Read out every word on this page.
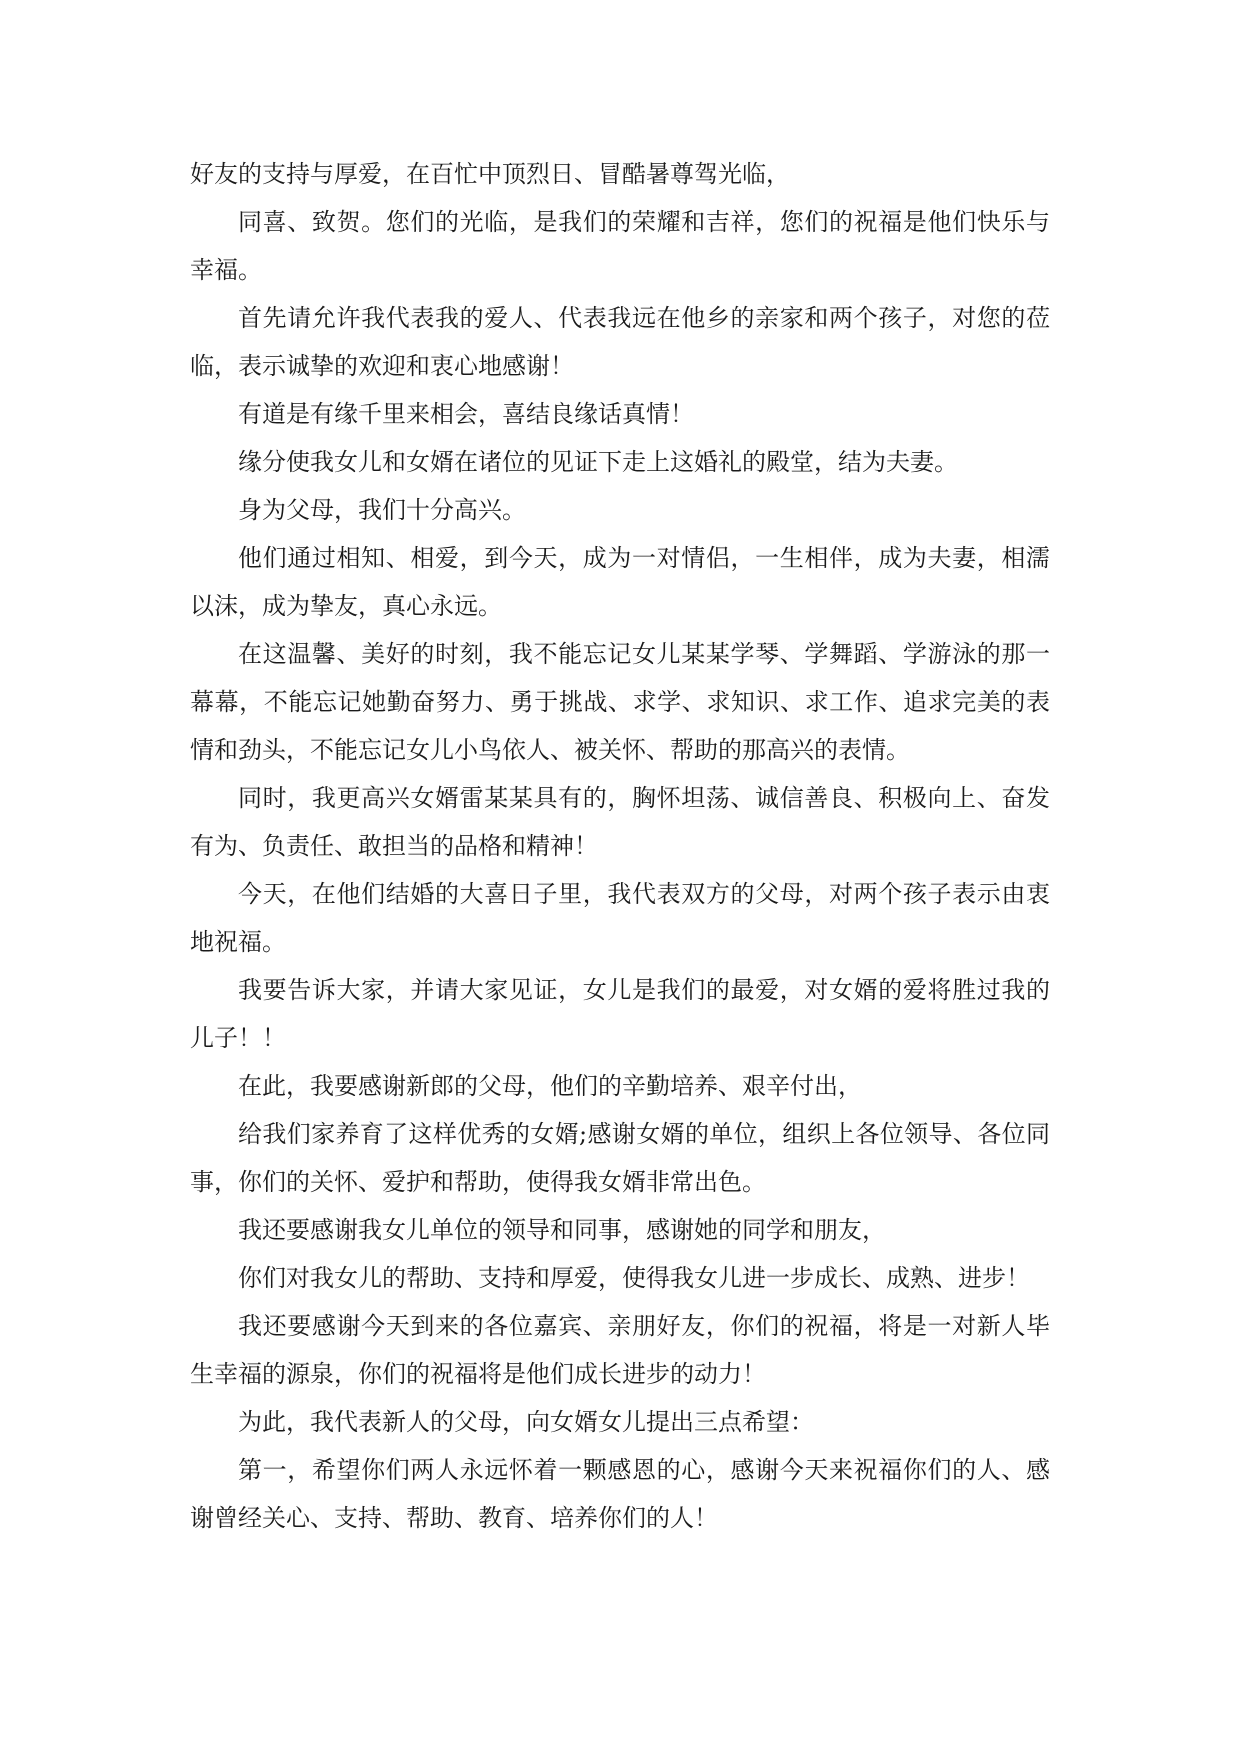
好友的支持与厚爱，在百忙中顶烈日、冒酷暑尊驾光临，

同喜、致贺。您们的光临，是我们的荣耀和吉祥，您们的祝福是他们快乐与幸福。

首先请允许我代表我的爱人、代表我远在他乡的亲家和两个孩子，对您的莅临，表示诚挚的欢迎和衷心地感谢！

有道是有缘千里来相会，喜结良缘话真情！

缘分使我女儿和女婿在诸位的见证下走上这婚礼的殿堂，结为夫妻。

身为父母，我们十分高兴。

他们通过相知、相爱，到今天，成为一对情侣，一生相伴，成为夫妻，相濡以沫，成为挚友，真心永远。

在这温馨、美好的时刻，我不能忘记女儿某某学琴、学舞蹈、学游泳的那一幕幕，不能忘记她勤奋努力、勇于挑战、求学、求知识、求工作、追求完美的表情和劲头，不能忘记女儿小鸟依人、被关怀、帮助的那高兴的表情。

同时，我更高兴女婿雷某某具有的，胸怀坦荡、诚信善良、积极向上、奋发有为、负责任、敢担当的品格和精神！

今天，在他们结婚的大喜日子里，我代表双方的父母，对两个孩子表示由衷地祝福。

我要告诉大家，并请大家见证，女儿是我们的最爱，对女婿的爱将胜过我的儿子！！

在此，我要感谢新郎的父母，他们的辛勤培养、艰辛付出，

给我们家养育了这样优秀的女婿;感谢女婿的单位，组织上各位领导、各位同事，你们的关怀、爱护和帮助，使得我女婿非常出色。

我还要感谢我女儿单位的领导和同事，感谢她的同学和朋友，

你们对我女儿的帮助、支持和厚爱，使得我女儿进一步成长、成熟、进步！

我还要感谢今天到来的各位嘉宾、亲朋好友，你们的祝福，将是一对新人毕生幸福的源泉，你们的祝福将是他们成长进步的动力！

为此，我代表新人的父母，向女婿女儿提出三点希望：

第一，希望你们两人永远怀着一颗感恩的心，感谢今天来祝福你们的人、感谢曾经关心、支持、帮助、教育、培养你们的人！
